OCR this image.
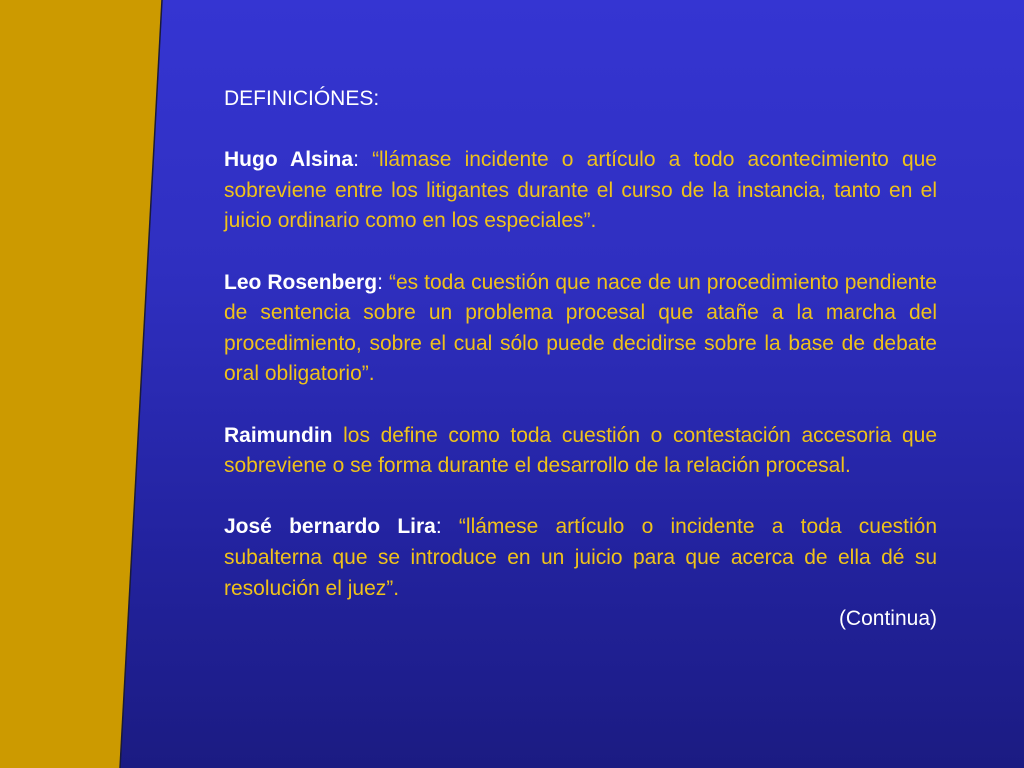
DEFINICIÓNES:

Hugo Alsina: “llámase incidente o artículo a todo acontecimiento que sobreviene entre los litigantes durante el curso de la instancia, tanto en el juicio ordinario como en los especiales”.

Leo Rosenberg: “es toda cuestión que nace de un procedimiento pendiente de sentencia sobre un problema procesal que atañe a la marcha del procedimiento, sobre el cual sólo puede decidirse sobre la base de debate oral obligatorio”.

Raimundin los define como toda cuestión o contestación accesoria que sobreviene o se forma durante el desarrollo de la relación procesal.

José bernardo Lira: “llámese artículo o incidente a toda cuestión subalterna que se introduce en un juicio para que acerca de ella dé su resolución el juez”.

(Continua)
